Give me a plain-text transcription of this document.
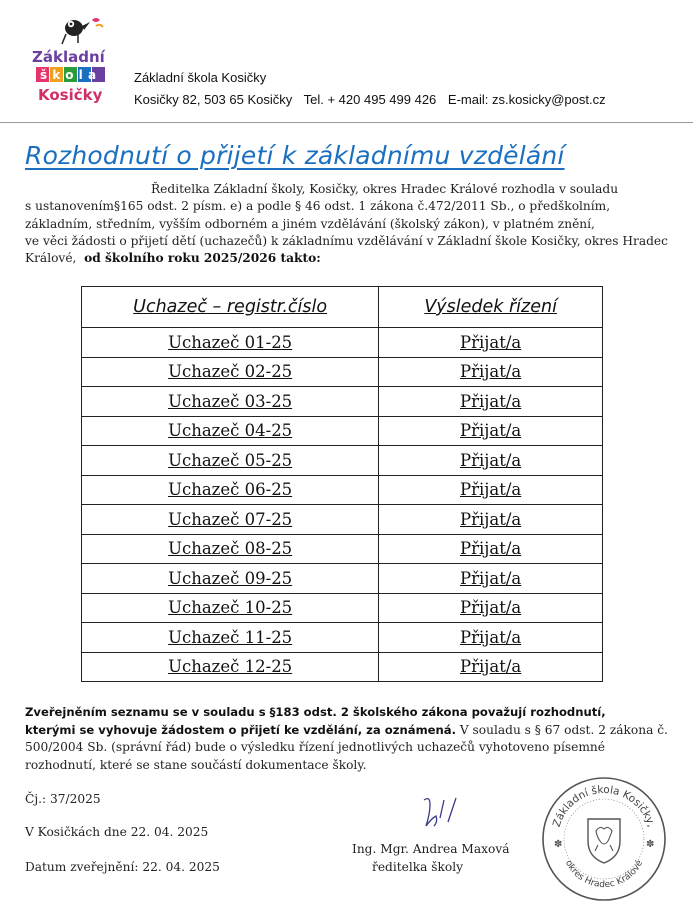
Základní
škola
Kosičky
Základní škola Kosičky
Kosičky 82, 503 65 Kosičky Tel. + 420 495 499 426 E-mail: zs.kosicky@post.cz
Rozhodnutí o přijetí k základnímu vzdělání
Ředitelka Základní školy, Kosičky, okres Hradec Králové rozhodla v souladu
s ustanovením§165 odst. 2 písm. e) a podle § 46 odst. 1 zákona č.472/2011 Sb., o předškolním,
základním, středním, vyšším odborném a jiném vzdělávání (školský zákon), v platném znění,
ve věci žádosti o přijetí dětí (uchazečů) k základnímu vzdělávání v Základní škole Kosičky, okres Hradec
Králové, od školního roku 2025/2026 takto:
Uchazeč – registr.číslo	Výsledek řízení
Uchazeč 01-25	Přijat/a
Uchazeč 02-25	Přijat/a
Uchazeč 03-25	Přijat/a
Uchazeč 04-25	Přijat/a
Uchazeč 05-25	Přijat/a
Uchazeč 06-25	Přijat/a
Uchazeč 07-25	Přijat/a
Uchazeč 08-25	Přijat/a
Uchazeč 09-25	Přijat/a
Uchazeč 10-25	Přijat/a
Uchazeč 11-25	Přijat/a
Uchazeč 12-25	Přijat/a
Zveřejněním seznamu se v souladu s §183 odst. 2 školského zákona považují rozhodnutí,
kterými se vyhovuje žádostem o přijetí ke vzdělání, za oznámená. V souladu s § 67 odst. 2 zákona č.
500/2004 Sb. (správní řád) bude o výsledku řízení jednotlivých uchazečů vyhotoveno písemné
rozhodnutí, které se stane součástí dokumentace školy.
Čj.: 37/2025
V Kosičkách dne 22. 04. 2025
Datum zveřejnění: 22. 04. 2025
Ing. Mgr. Andrea Maxová
ředitelka školy
Základní škola Kosičky,
okres Hradec Králové
✽	✽
